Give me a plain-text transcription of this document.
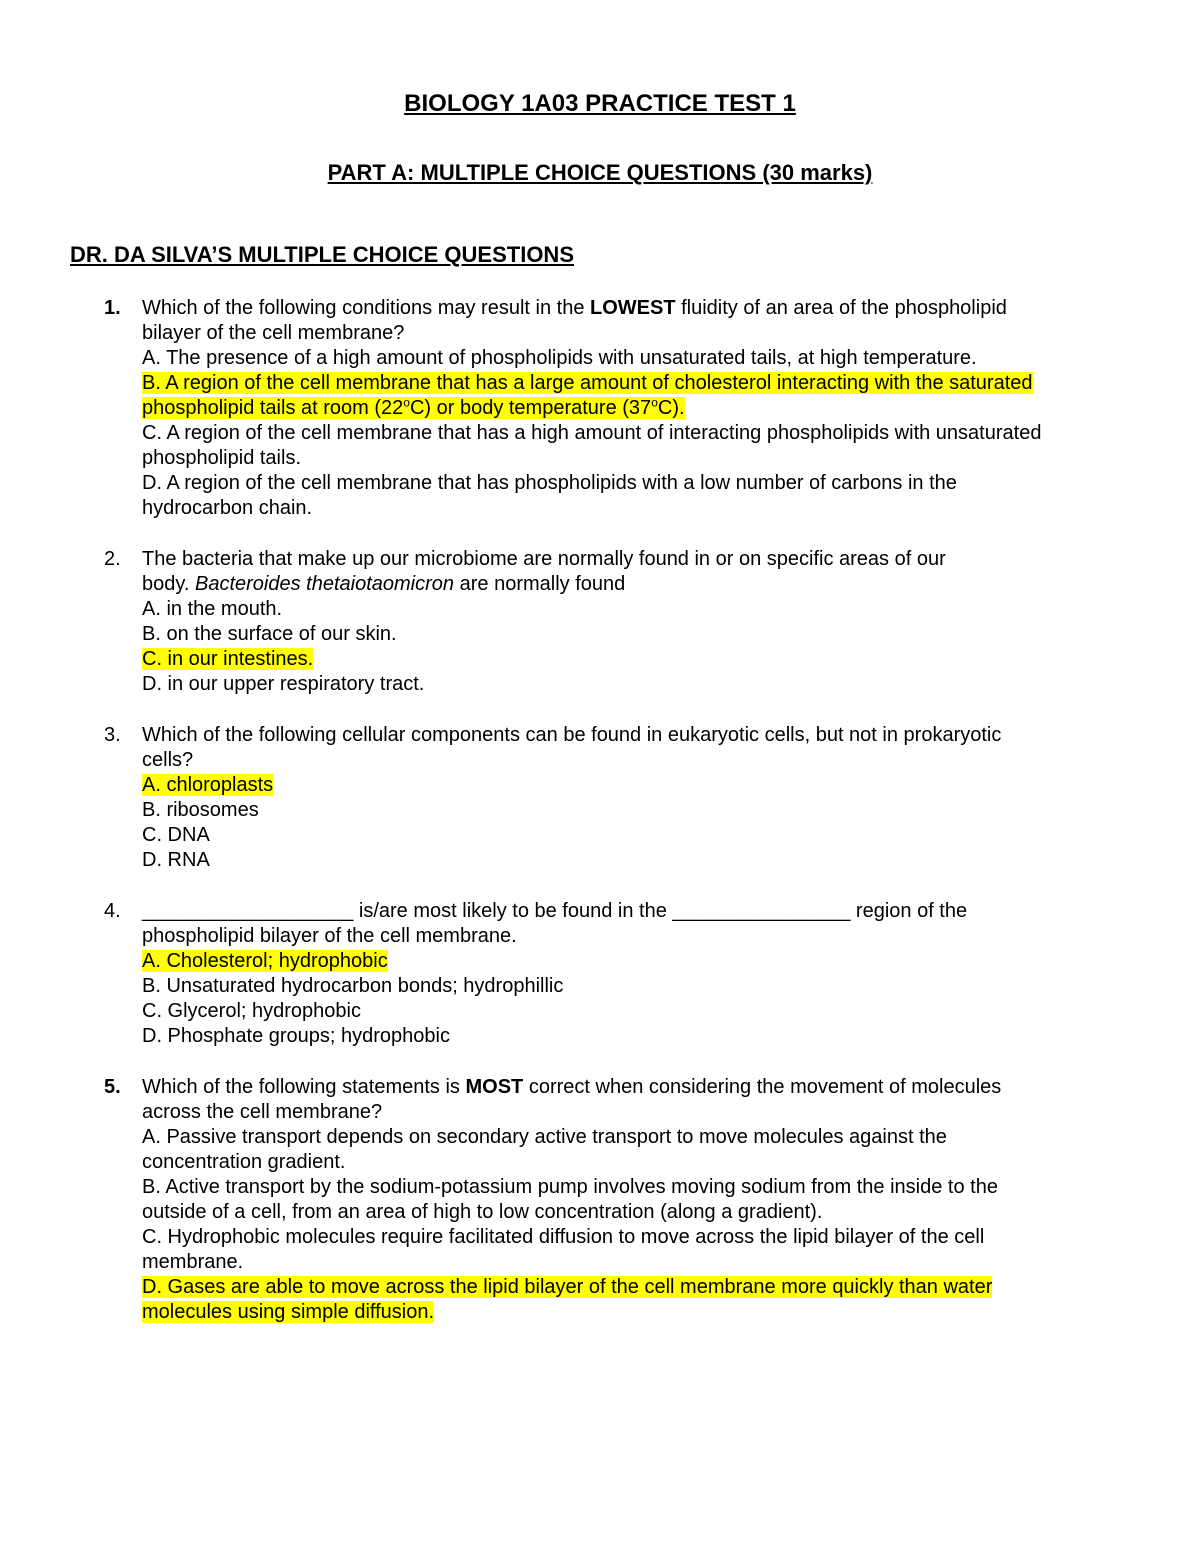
BIOLOGY 1A03 PRACTICE TEST 1
PART A: MULTIPLE CHOICE QUESTIONS (30 marks)
DR. DA SILVA’S MULTIPLE CHOICE QUESTIONS
1. Which of the following conditions may result in the LOWEST fluidity of an area of the phospholipid
bilayer of the cell membrane?
A. The presence of a high amount of phospholipids with unsaturated tails, at high temperature.
B. A region of the cell membrane that has a large amount of cholesterol interacting with the saturated
phospholipid tails at room (22$^o$C) or body temperature (37$^o$C).
C. A region of the cell membrane that has a high amount of interacting phospholipids with unsaturated
phospholipid tails.
D. A region of the cell membrane that has phospholipids with a low number of carbons in the
hydrocarbon chain.
2. The bacteria that make up our microbiome are normally found in or on specific areas of our
body. Bacteroides thetaiotaomicron are normally found
A. in the mouth.
B. on the surface of our skin.
C. in our intestines.
D. in our upper respiratory tract.
3. Which of the following cellular components can be found in eukaryotic cells, but not in prokaryotic
cells?
A. chloroplasts
B. ribosomes
C. DNA
D. RNA
4. ___________________ is/are most likely to be found in the ________________ region of the
phospholipid bilayer of the cell membrane.
A. Cholesterol; hydrophobic
B. Unsaturated hydrocarbon bonds; hydrophillic
C. Glycerol; hydrophobic
D. Phosphate groups; hydrophobic
5. Which of the following statements is MOST correct when considering the movement of molecules
across the cell membrane?
A. Passive transport depends on secondary active transport to move molecules against the
concentration gradient.
B. Active transport by the sodium-potassium pump involves moving sodium from the inside to the
outside of a cell, from an area of high to low concentration (along a gradient).
C. Hydrophobic molecules require facilitated diffusion to move across the lipid bilayer of the cell
membrane.
D. Gases are able to move across the lipid bilayer of the cell membrane more quickly than water
molecules using simple diffusion.
